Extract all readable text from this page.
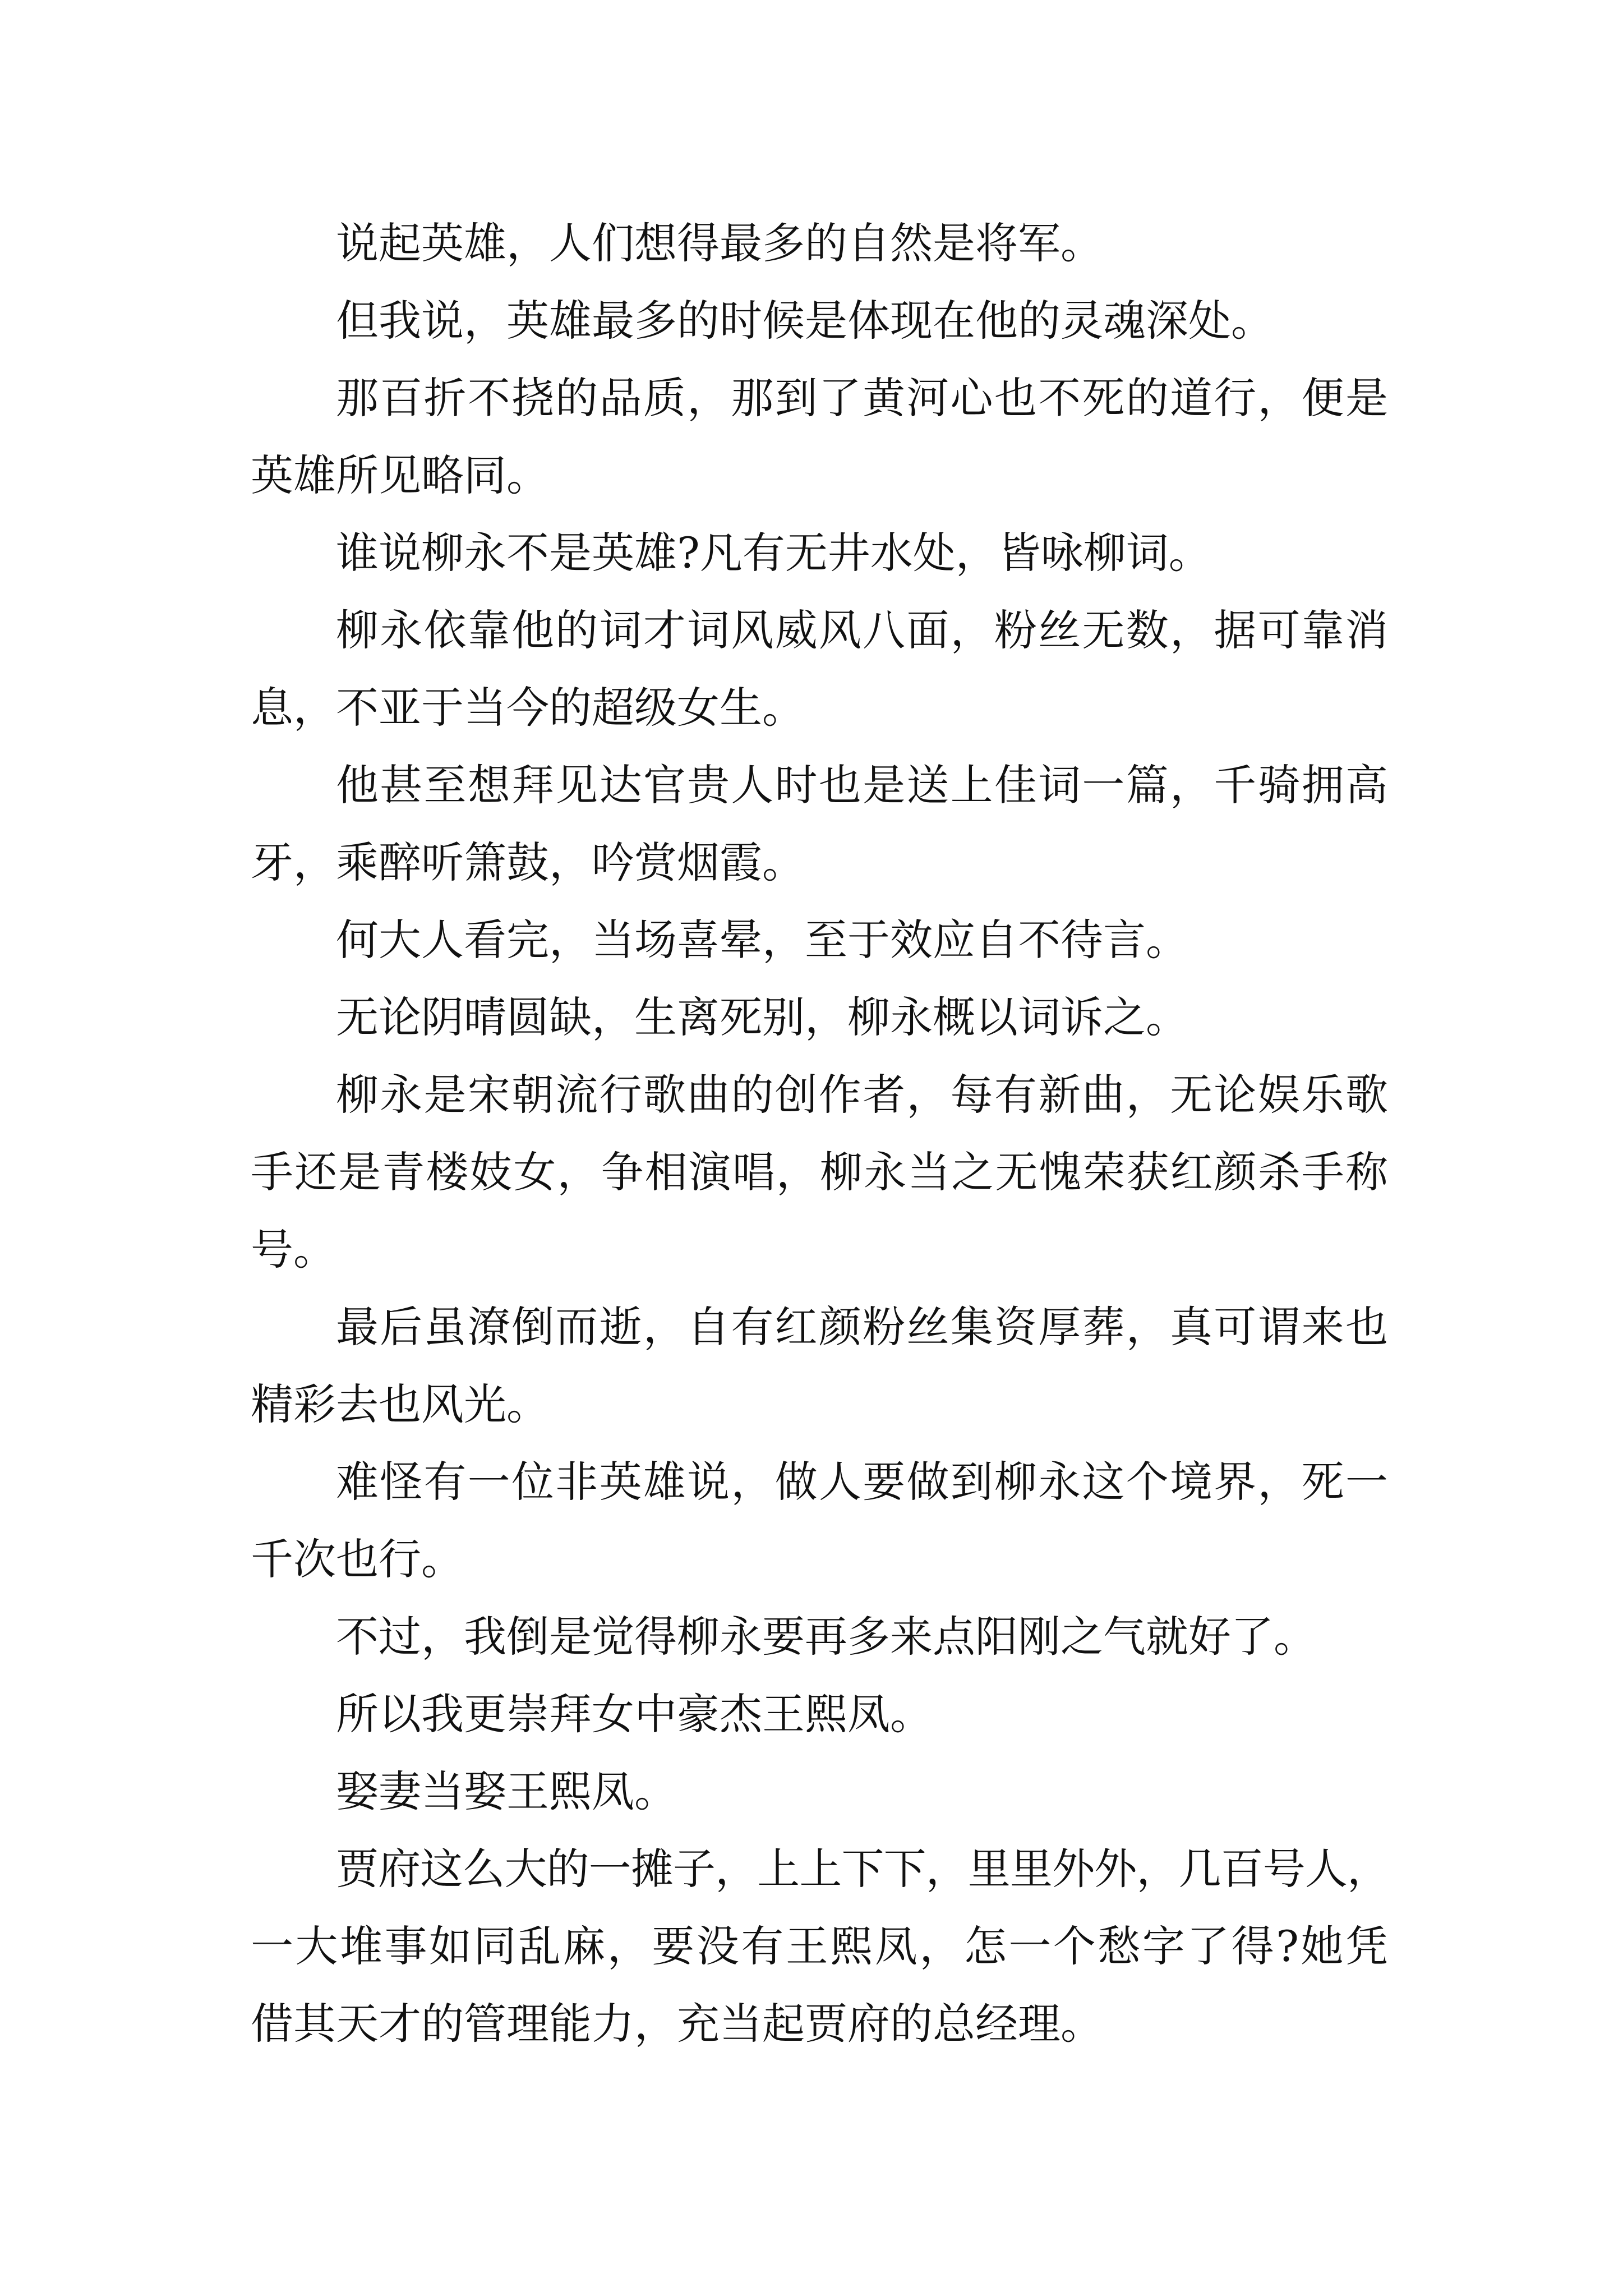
说起英雄，人们想得最多的自然是将军。
但我说，英雄最多的时候是体现在他的灵魂深处。
那百折不挠的品质，那到了黄河心也不死的道行，便是
英雄所见略同。
谁说柳永不是英雄?凡有无井水处，皆咏柳词。
柳永依靠他的词才词风威风八面，粉丝无数，据可靠消
息，不亚于当今的超级女生。
他甚至想拜见达官贵人时也是送上佳词一篇，千骑拥高
牙，乘醉听箫鼓，吟赏烟霞。
何大人看完，当场喜晕，至于效应自不待言。
无论阴晴圆缺，生离死别，柳永概以词诉之。
柳永是宋朝流行歌曲的创作者，每有新曲，无论娱乐歌
手还是青楼妓女，争相演唱，柳永当之无愧荣获红颜杀手称
号。
最后虽潦倒而逝，自有红颜粉丝集资厚葬，真可谓来也
精彩去也风光。
难怪有一位非英雄说，做人要做到柳永这个境界，死一
千次也行。
不过，我倒是觉得柳永要再多来点阳刚之气就好了。
所以我更崇拜女中豪杰王熙凤。
娶妻当娶王熙凤。
贾府这么大的一摊子，上上下下，里里外外，几百号人，
一大堆事如同乱麻，要没有王熙凤，怎一个愁字了得?她凭
借其天才的管理能力，充当起贾府的总经理。
